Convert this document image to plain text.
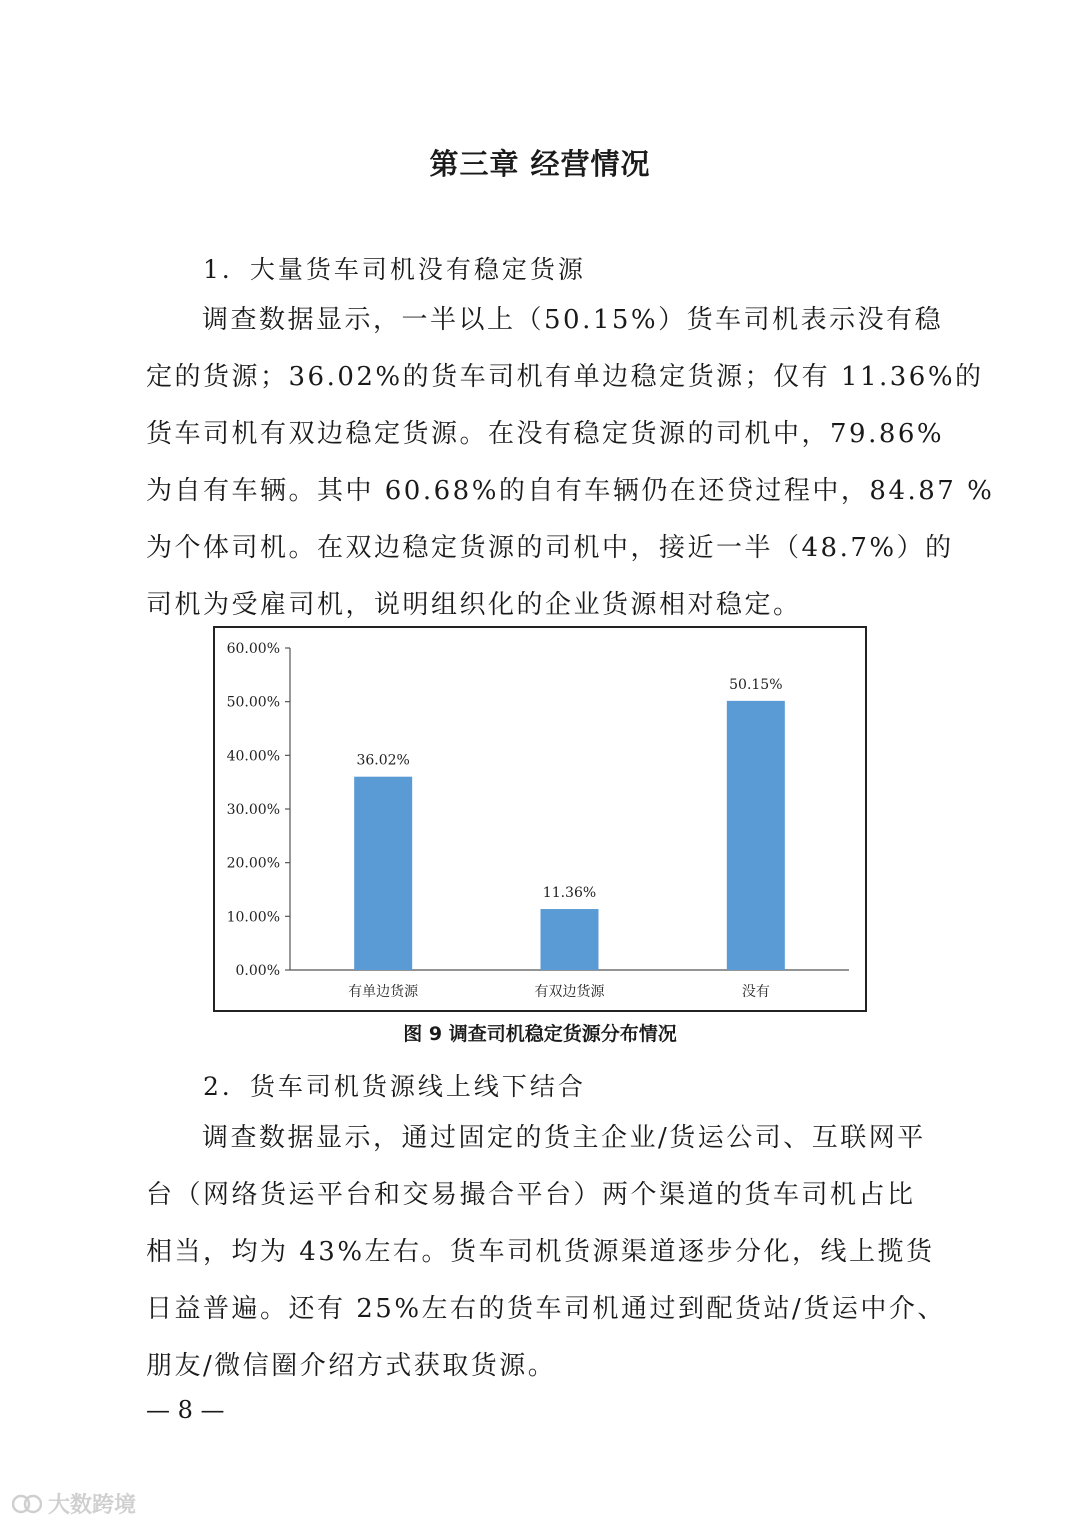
第三章 经营情况
1．大量货车司机没有稳定货源

调查数据显示，一半以上（50.15%）货车司机表示没有稳
定的货源；36.02%的货车司机有单边稳定货源；仅有 11.36%的
货车司机有双边稳定货源。在没有稳定货源的司机中，79.86%
为自有车辆。其中 60.68%的自有车辆仍在还贷过程中，84.87 %
为个体司机。在双边稳定货源的司机中，接近一半（48.7%）的
司机为受雇司机，说明组织化的企业货源相对稳定。

0.00%
10.00%
20.00%
30.00%
40.00%
50.00%
60.00%
36.02%
有单边货源
11.36%
有双边货源
50.15%
没有
图 9 调查司机稳定货源分布情况
2．货车司机货源线上线下结合

调查数据显示，通过固定的货主企业/货运公司、互联网平
台（网络货运平台和交易撮合平台）两个渠道的货车司机占比
相当，均为 43%左右。货车司机货源渠道逐步分化，线上揽货
日益普遍。还有 25%左右的货车司机通过到配货站/货运中介、
朋友/微信圈介绍方式获取货源。

— 8 —
大数跨境
